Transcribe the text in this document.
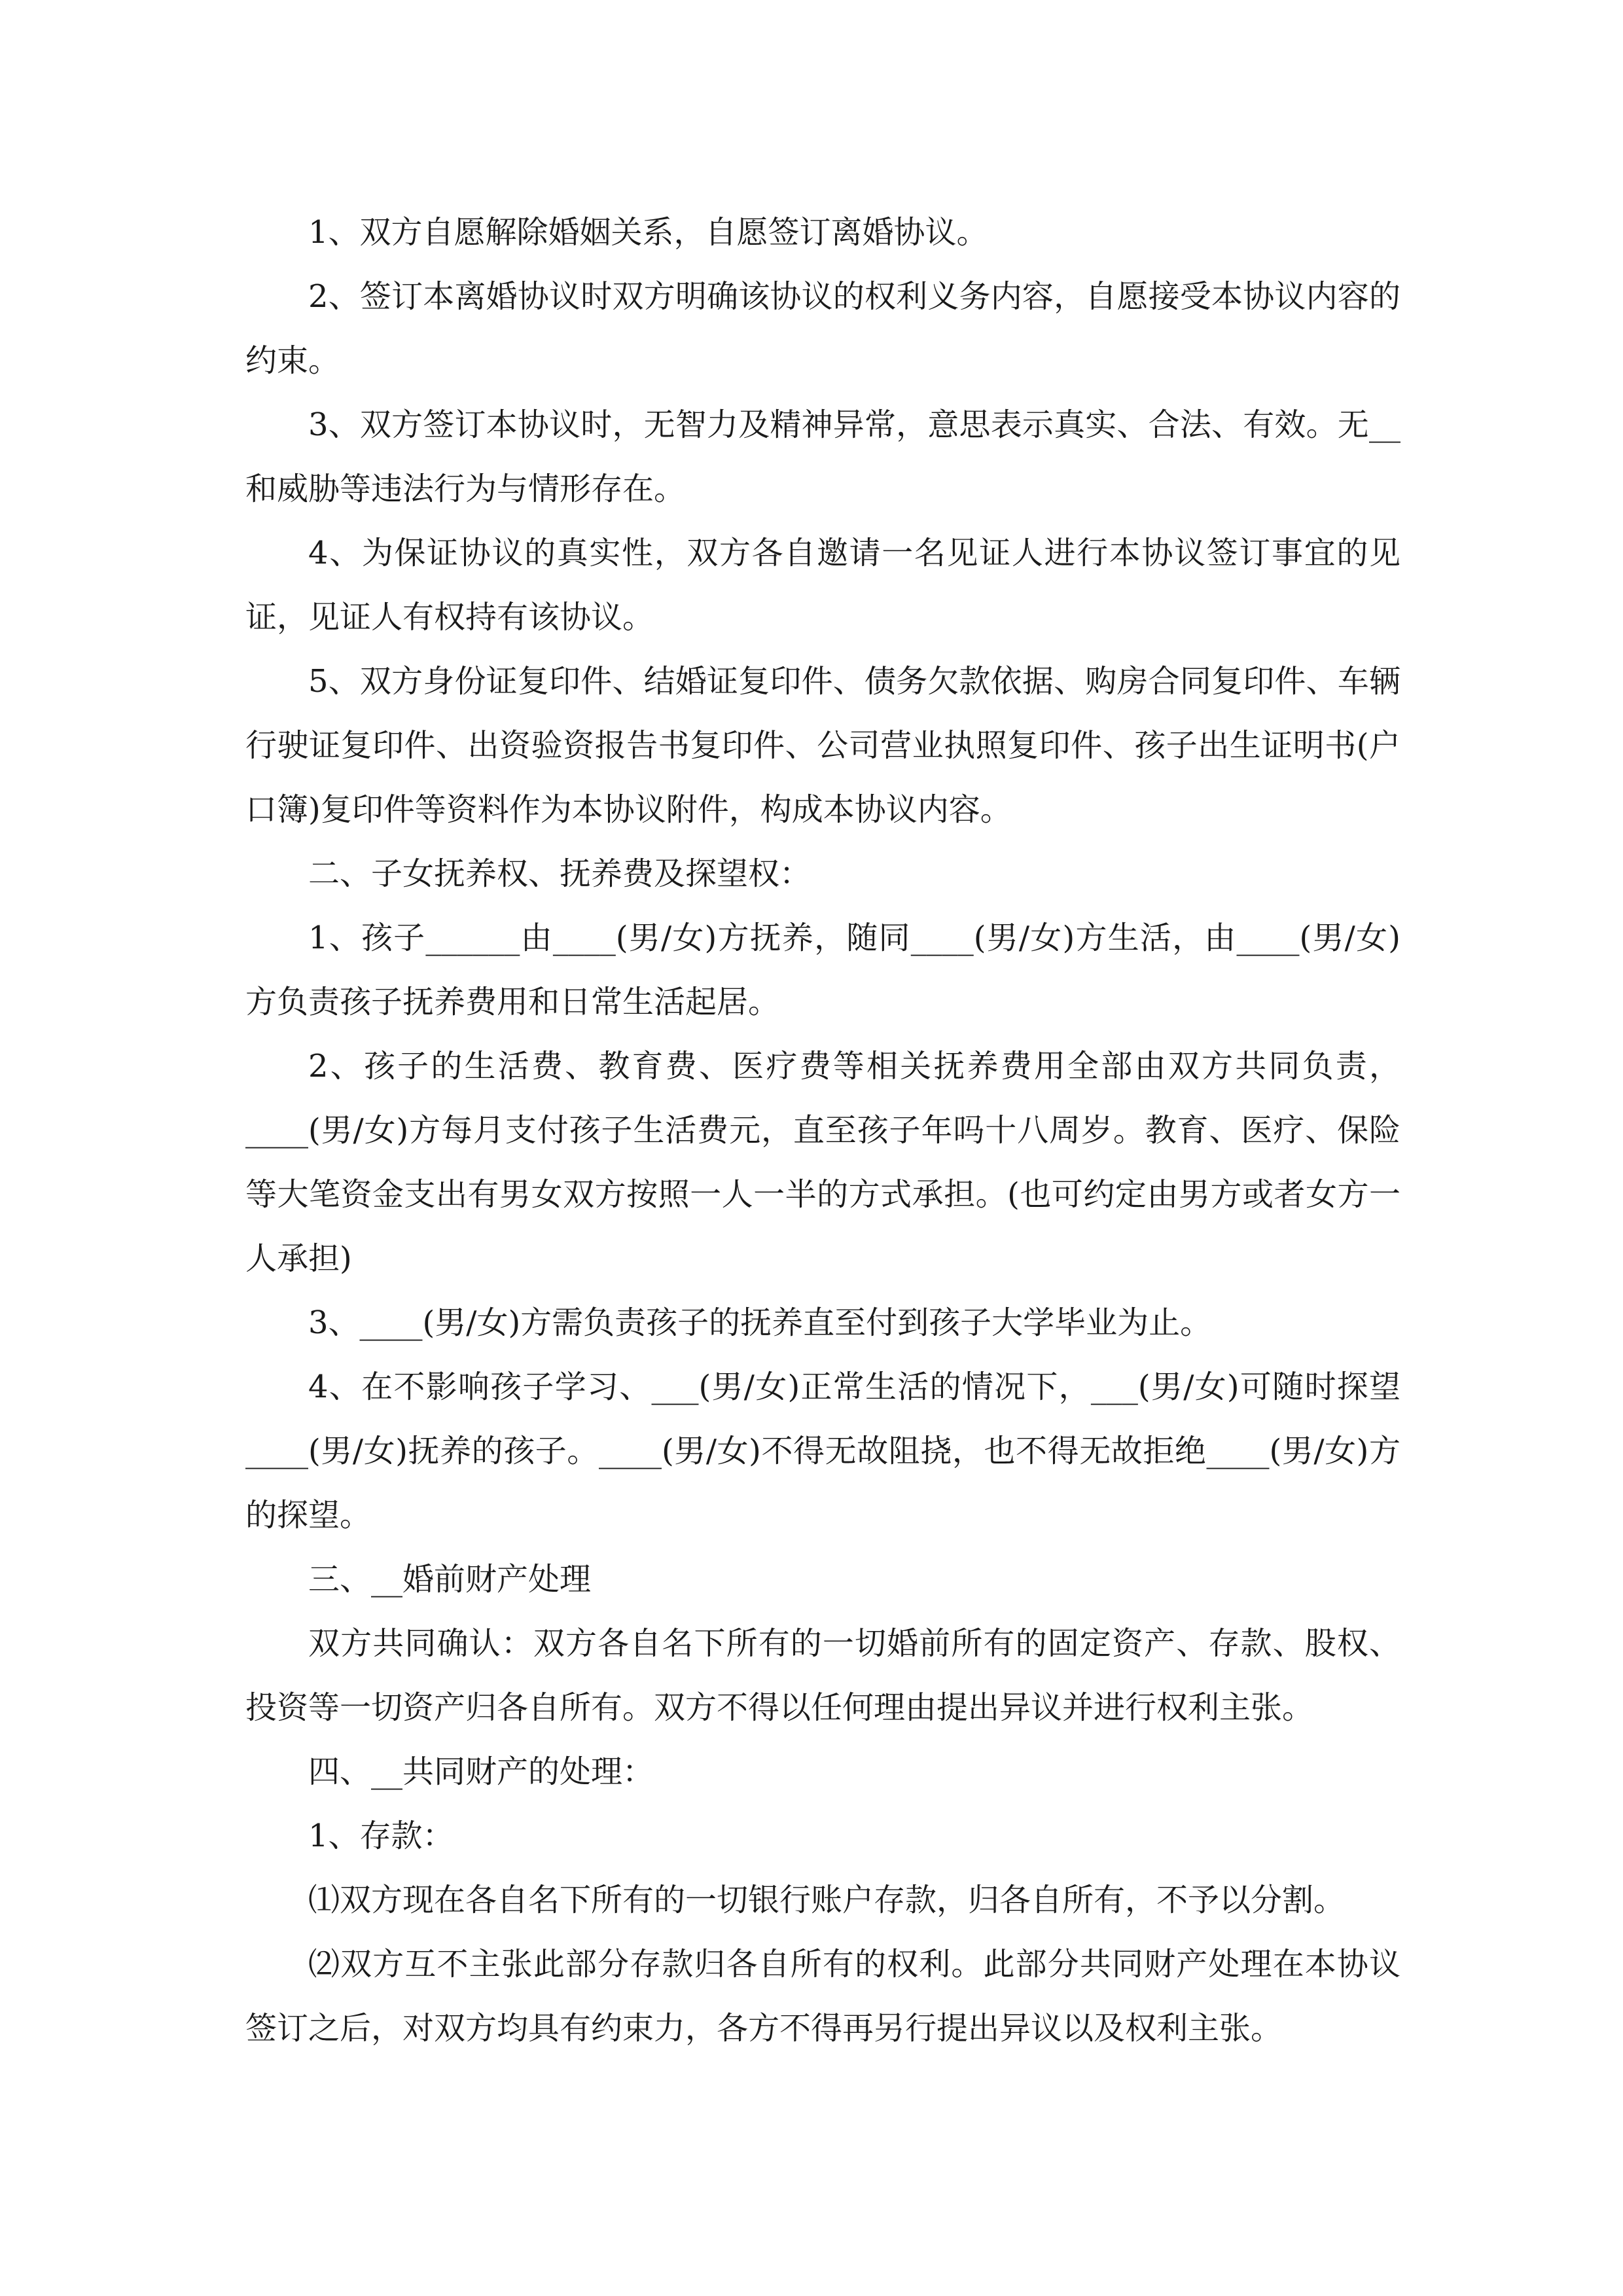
1、双方自愿解除婚姻关系，自愿签订离婚协议。

2、签订本离婚协议时双方明确该协议的权利义务内容，自愿接受本协议内容的约束。

3、双方签订本协议时，无智力及精神异常，意思表示真实、合法、有效。无__和威胁等违法行为与情形存在。

4、为保证协议的真实性，双方各自邀请一名见证人进行本协议签订事宜的见证，见证人有权持有该协议。

5、双方身份证复印件、结婚证复印件、债务欠款依据、购房合同复印件、车辆行驶证复印件、出资验资报告书复印件、公司营业执照复印件、孩子出生证明书(户口簿)复印件等资料作为本协议附件，构成本协议内容。

二、子女抚养权、抚养费及探望权：

1、孩子______由____(男/女)方抚养，随同____(男/女)方生活，由____(男/女)方负责孩子抚养费用和日常生活起居。

2、孩子的生活费、教育费、医疗费等相关抚养费用全部由双方共同负责，____(男/女)方每月支付孩子生活费元，直至孩子年吗十八周岁。教育、医疗、保险等大笔资金支出有男女双方按照一人一半的方式承担。(也可约定由男方或者女方一人承担)

3、____(男/女)方需负责孩子的抚养直至付到孩子大学毕业为止。

4、在不影响孩子学习、___(男/女)正常生活的情况下，___(男/女)可随时探望____(男/女)抚养的孩子。____(男/女)不得无故阻挠，也不得无故拒绝____(男/女)方的探望。

三、__婚前财产处理

双方共同确认：双方各自名下所有的一切婚前所有的固定资产、存款、股权、投资等一切资产归各自所有。双方不得以任何理由提出异议并进行权利主张。

四、__共同财产的处理：

1、存款：

⑴双方现在各自名下所有的一切银行账户存款，归各自所有，不予以分割。

⑵双方互不主张此部分存款归各自所有的权利。此部分共同财产处理在本协议签订之后，对双方均具有约束力，各方不得再另行提出异议以及权利主张。
